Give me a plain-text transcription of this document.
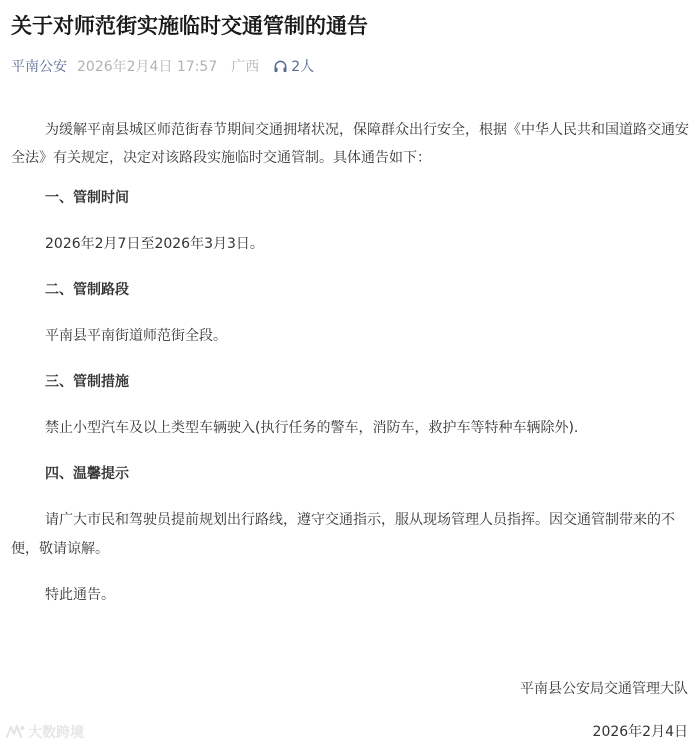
关于对师范街实施临时交通管制的通告
平南公安 2026年2月4日 17:57 广西 2人

为缓解平南县城区师范街春节期间交通拥堵状况，保障群众出行安全，根据《中华人民共和国道路交通安全法》有关规定，决定对该路段实施临时交通管制。具体通告如下：

一、管制时间

2026年2月7日至2026年3月3日。

二、管制路段

平南县平南街道师范街全段。

三、管制措施

禁止小型汽车及以上类型车辆驶入(执行任务的警车，消防车，救护车等特种车辆除外).

四、温馨提示

请广大市民和驾驶员提前规划出行路线，遵守交通指示，服从现场管理人员指挥。因交通管制带来的不便，敬请谅解。

特此通告。

平南县公安局交通管理大队
2026年2月4日
大数跨境
